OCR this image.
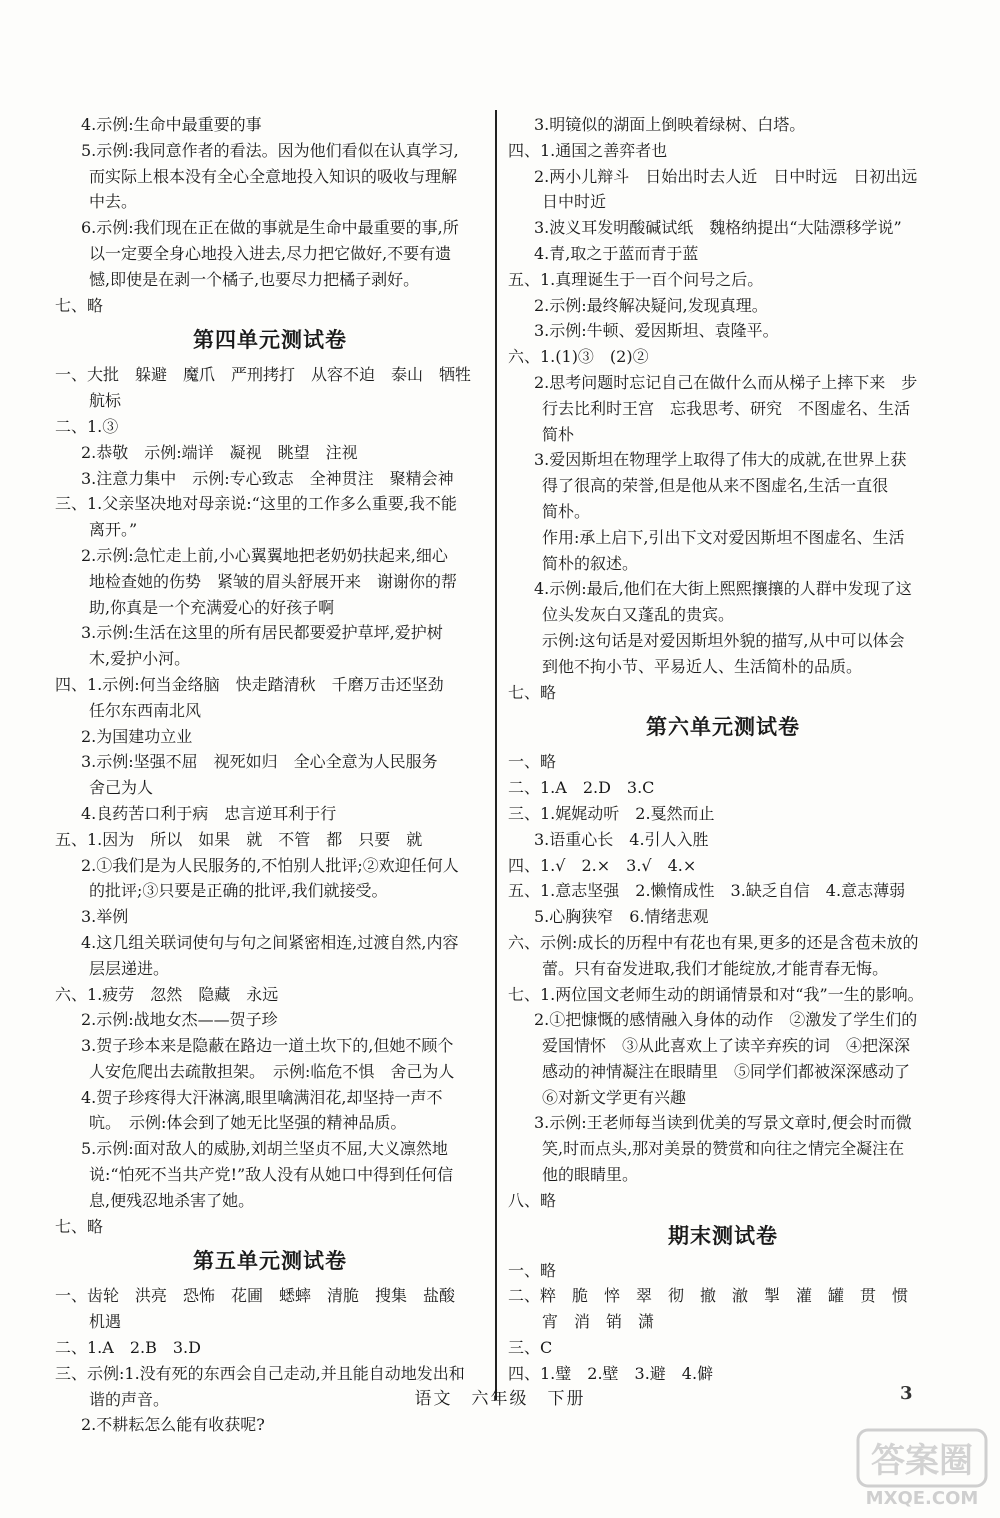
4.示例:生命中最重要的事
5.示例:我同意作者的看法。因为他们看似在认真学习,
而实际上根本没有全心全意地投入知识的吸收与理解
中去。
6.示例:我们现在正在做的事就是生命中最重要的事,所
以一定要全身心地投入进去,尽力把它做好,不要有遗
憾,即使是在剥一个橘子,也要尽力把橘子剥好。
七、略
第四单元测试卷
一、大批　躲避　魔爪　严刑拷打　从容不迫　泰山　牺牲
航标
二、1.③
2.恭敬　示例:端详　凝视　眺望　注视
3.注意力集中　示例:专心致志　全神贯注　聚精会神
三、1.父亲坚决地对母亲说:“这里的工作多么重要,我不能
离开。”
2.示例:急忙走上前,小心翼翼地把老奶奶扶起来,细心
地检查她的伤势　紧皱的眉头舒展开来　谢谢你的帮
助,你真是一个充满爱心的好孩子啊
3.示例:生活在这里的所有居民都要爱护草坪,爱护树
木,爱护小河。
四、1.示例:何当金络脑　快走踏清秋　千磨万击还坚劲
任尔东西南北风
2.为国建功立业
3.示例:坚强不屈　视死如归　全心全意为人民服务
舍己为人
4.良药苦口利于病　忠言逆耳利于行
五、1.因为　所以　如果　就　不管　都　只要　就
2.①我们是为人民服务的,不怕别人批评;②欢迎任何人
的批评;③只要是正确的批评,我们就接受。
3.举例
4.这几组关联词使句与句之间紧密相连,过渡自然,内容
层层递进。
六、1.疲劳　忽然　隐藏　永远
2.示例:战地女杰——贺子珍
3.贺子珍本来是隐蔽在路边一道土坎下的,但她不顾个
人安危爬出去疏散担架。　示例:临危不惧　舍己为人
4.贺子珍疼得大汗淋漓,眼里噙满泪花,却坚持一声不
吭。　示例:体会到了她无比坚强的精神品质。
5.示例:面对敌人的威胁,刘胡兰坚贞不屈,大义凛然地
说:“怕死不当共产党!”敌人没有从她口中得到任何信
息,便残忍地杀害了她。
七、略
第五单元测试卷
一、齿轮　洪亮　恐怖　花圃　蟋蟀　清脆　搜集　盐酸
机遇
二、1.A　2.B　3.D
三、示例:1.没有死的东西会自己走动,并且能自动地发出和
谐的声音。
2.不耕耘怎么能有收获呢?
3.明镜似的湖面上倒映着绿树、白塔。
四、1.通国之善弈者也
2.两小儿辩斗　日始出时去人近　日中时远　日初出远
日中时近
3.波义耳发明酸碱试纸　魏格纳提出“大陆漂移学说”
4.青,取之于蓝而青于蓝
五、1.真理诞生于一百个问号之后。
2.示例:最终解决疑问,发现真理。
3.示例:牛顿、爱因斯坦、袁隆平。
六、1.(1)③　(2)②
2.思考问题时忘记自己在做什么而从梯子上摔下来　步
行去比利时王宫　忘我思考、研究　不图虚名、生活
简朴
3.爱因斯坦在物理学上取得了伟大的成就,在世界上获
得了很高的荣誉,但是他从来不图虚名,生活一直很
简朴。
作用:承上启下,引出下文对爱因斯坦不图虚名、生活
简朴的叙述。
4.示例:最后,他们在大街上熙熙攘攘的人群中发现了这
位头发灰白又蓬乱的贵宾。
示例:这句话是对爱因斯坦外貌的描写,从中可以体会
到他不拘小节、平易近人、生活简朴的品质。
七、略
第六单元测试卷
一、略
二、1.A　2.D　3.C
三、1.娓娓动听　2.戛然而止
3.语重心长　4.引人入胜
四、1.√　2.×　3.√　4.×
五、1.意志坚强　2.懒惰成性　3.缺乏自信　4.意志薄弱
5.心胸狭窄　6.情绪悲观
六、示例:成长的历程中有花也有果,更多的还是含苞未放的
蕾。只有奋发进取,我们才能绽放,才能青春无悔。
七、1.两位国文老师生动的朗诵情景和对“我”一生的影响。
2.①把慷慨的感情融入身体的动作　②激发了学生们的
爱国情怀　③从此喜欢上了读辛弃疾的词　④把深深
感动的神情凝注在眼睛里　⑤同学们都被深深感动了
⑥对新文学更有兴趣
3.示例:王老师每当读到优美的写景文章时,便会时而微
笑,时而点头,那对美景的赞赏和向往之情完全凝注在
他的眼睛里。
八、略
期末测试卷
一、略
二、粹　脆　悴　翠　彻　撤　澈　掣　灌　罐　贯　惯
宵　消　销　潇
三、C
四、1.璧　2.壁　3.避　4.僻
语文　六年级　下册	3
答案圈
MXQE.COM
